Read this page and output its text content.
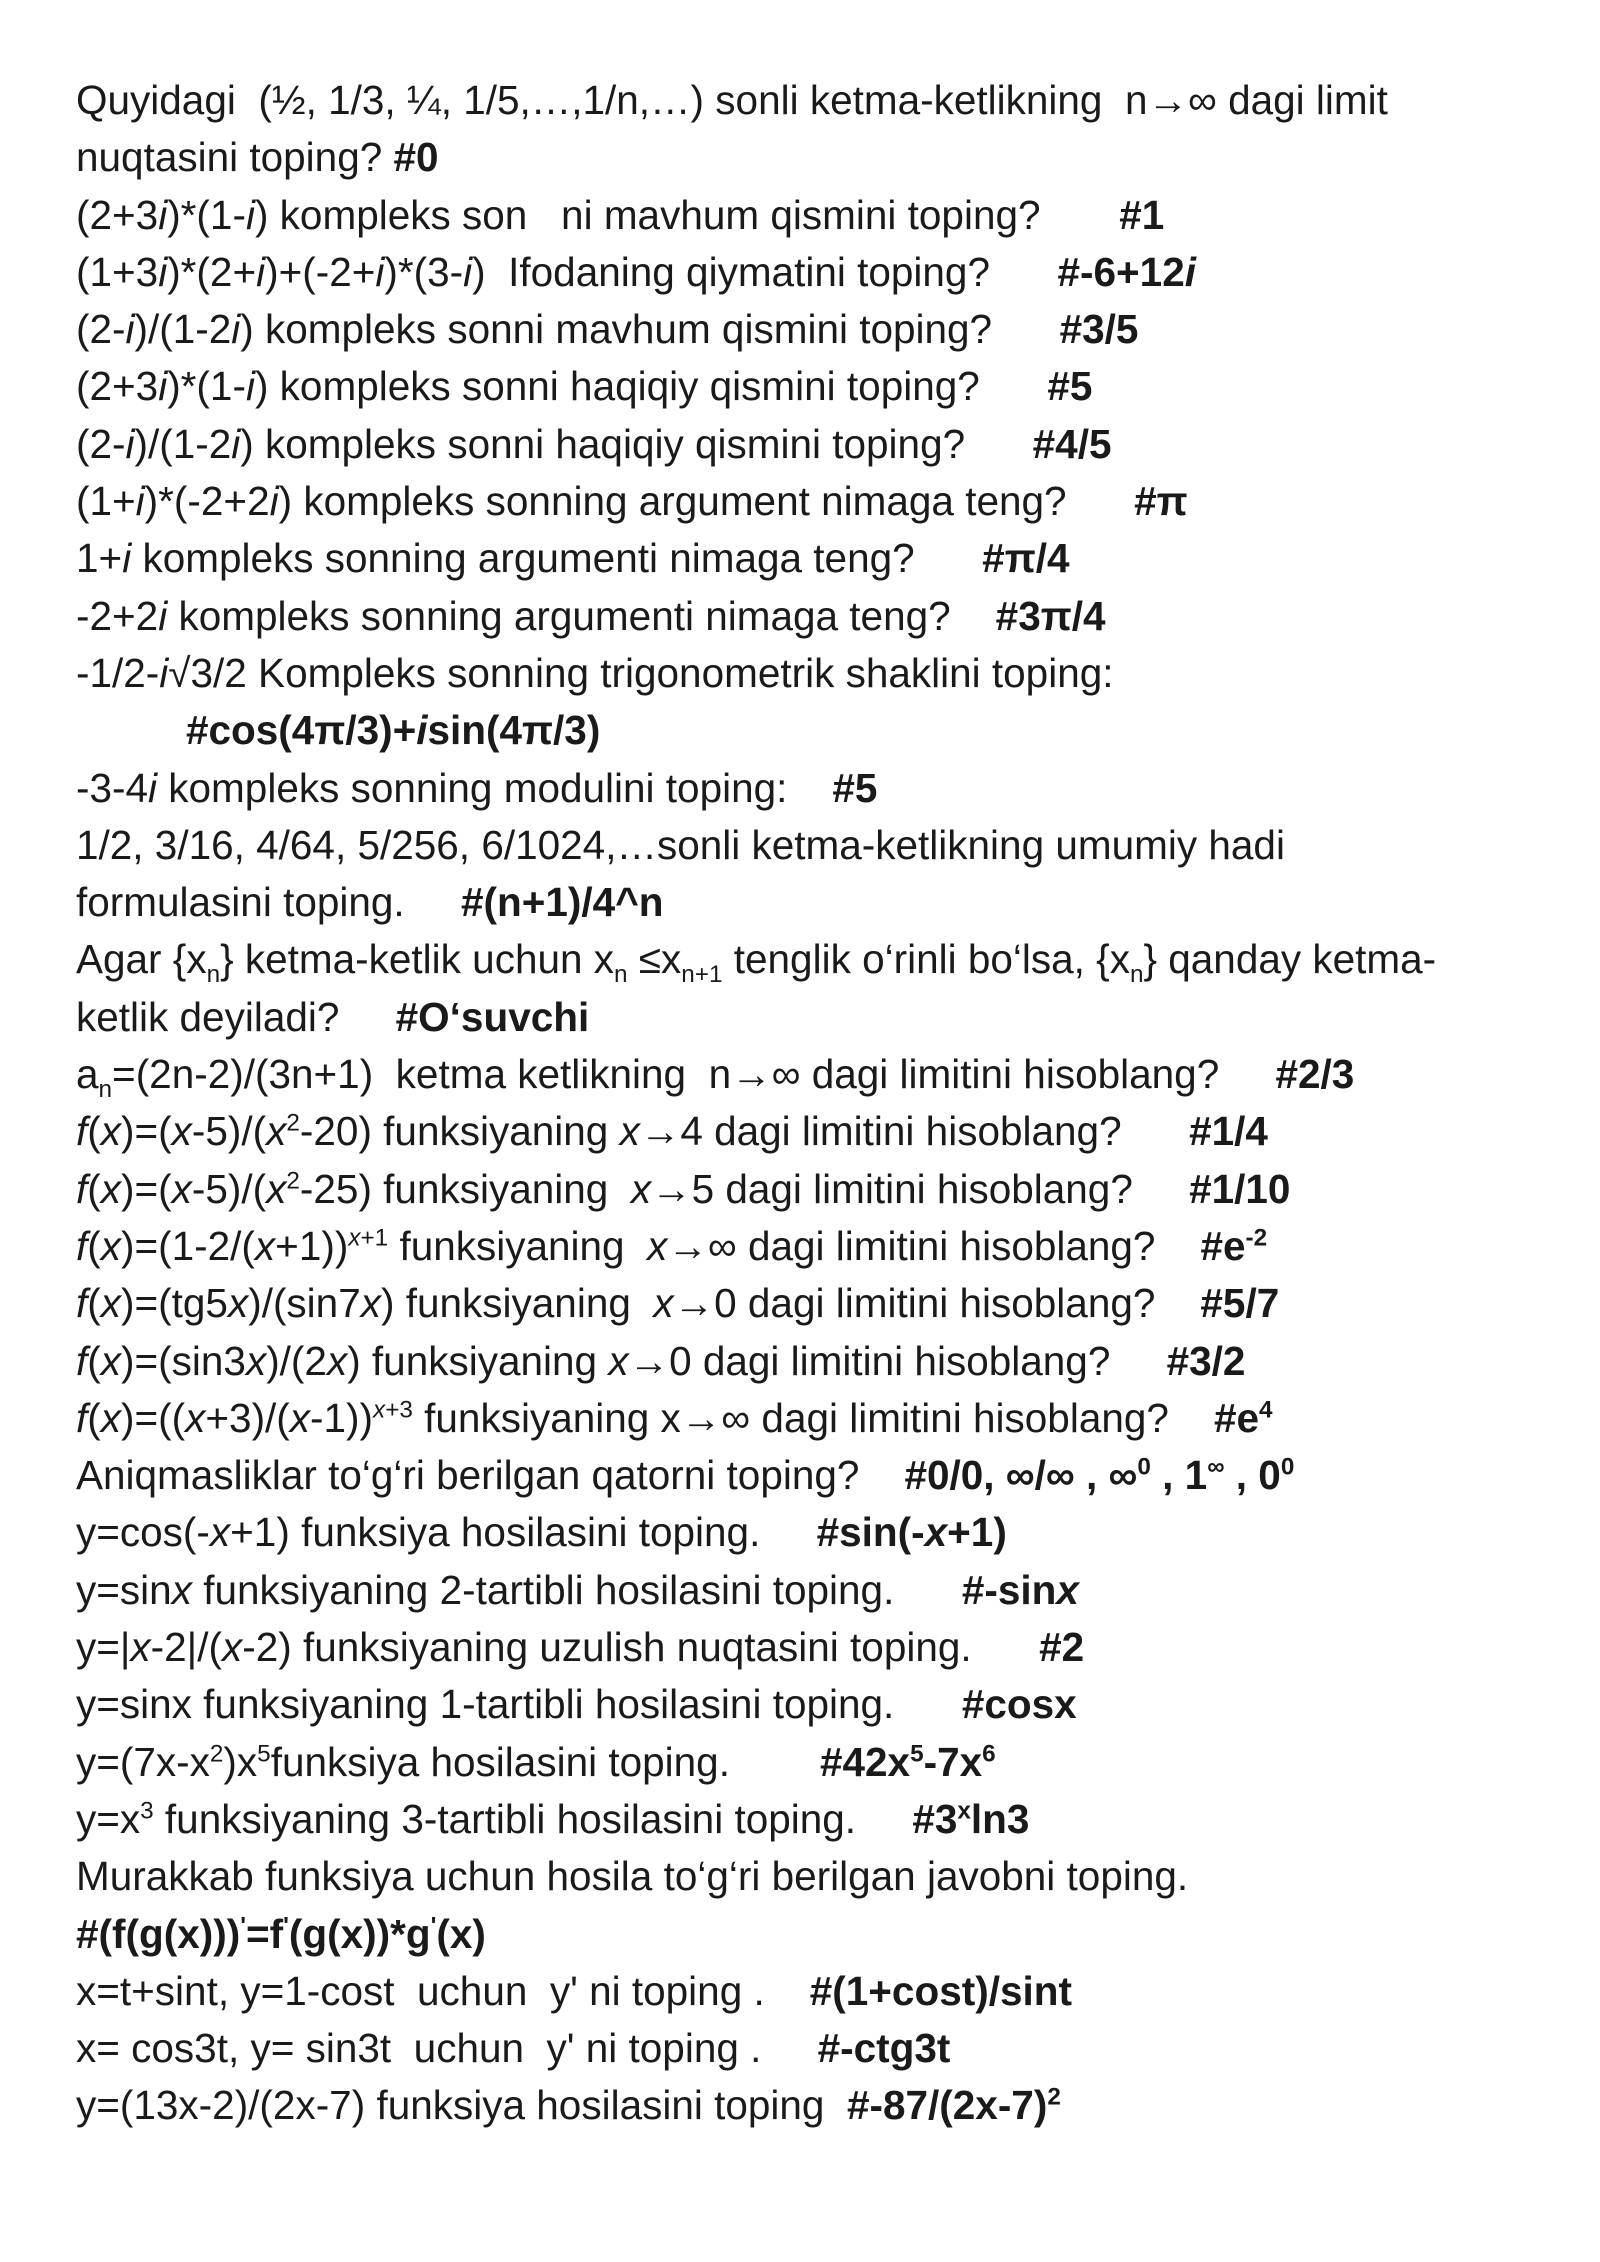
Quyidagi  (½, 1/3, ¼, 1/5,…,1/n,…) sonli ketma-ketlikning  n→∞ dagi limit
nuqtasini toping? #0
(2+3i)*(1-i) kompleks son   ni mavhum qismini toping?       #1
(1+3i)*(2+i)+(-2+i)*(3-i)  Ifodaning qiymatini toping?      #-6+12i
(2-i)/(1-2i) kompleks sonni mavhum qismini toping?      #3/5
(2+3i)*(1-i) kompleks sonni haqiqiy qismini toping?      #5
(2-i)/(1-2i) kompleks sonni haqiqiy qismini toping?      #4/5
(1+i)*(-2+2i) kompleks sonning argument nimaga teng?      #π
1+i kompleks sonning argumenti nimaga teng?      #π/4
-2+2i kompleks sonning argumenti nimaga teng?    #3π/4
-1/2-i√3/2 Kompleks sonning trigonometrik shaklini toping:
#cos(4π/3)+isin(4π/3)
-3-4i kompleks sonning modulini toping:    #5
1/2, 3/16, 4/64, 5/256, 6/1024,…sonli ketma-ketlikning umumiy hadi
formulasini toping.     #(n+1)/4^n
Agar $\{x_n\}$ ketma-ketlik uchun $x_n \le x_{n+1}$ tenglik o‘rinli bo‘lsa, $\{x_n\}$ qanday ketma-
ketlik deyiladi?     #O‘suvchi
$a_n=(2n-2)/(3n+1)$  ketma ketlikning  n→∞ dagi limitini hisoblang?     #2/3
$f(x)=(x-5)/(x^2-20)$ funksiyaning x→4 dagi limitini hisoblang?      #1/4
$f(x)=(x-5)/(x^2-25)$ funksiyaning  x→5 dagi limitini hisoblang?     #1/10
$f(x)=(1-2/(x+1))^{x+1}$ funksiyaning  x→∞ dagi limitini hisoblang?    $\#e^{-2}$
f(x)=(tg5x)/(sin7x) funksiyaning  x→0 dagi limitini hisoblang?    #5/7
f(x)=(sin3x)/(2x) funksiyaning x→0 dagi limitini hisoblang?     #3/2
$f(x)=((x+3)/(x-1))^{x+3}$ funksiyaning x→∞ dagi limitini hisoblang?    $\#e^4$
Aniqmasliklar to‘g‘ri berilgan qatorni toping?    #0/0, ∞/∞ , ∞$^0$ , 1∞ , $0^0$
y=cos(-x+1) funksiya hosilasini toping.     #sin(-x+1)
y=sinx funksiyaning 2-tartibli hosilasini toping.      #-sinx
y=|x-2|/(x-2) funksiyaning uzulish nuqtasini toping.      #2
y=sinx funksiyaning 1-tartibli hosilasini toping.      #cosx
$y=(7x-x^2)x^5funksiya$ hosilasini toping.        $\#42x^5-7x^6$
$y=x^3$ funksiyaning 3-tartibli hosilasini toping.     #3$^x$ln3
Murakkab funksiya uchun hosila to‘g‘ri berilgan javobni toping.
#(f(g(x)))'=f'(g(x))*g'(x)
x=t+sint, y=1-cost  uchun  y' ni toping .    #(1+cost)/sint
x= cos3t, y= sin3t  uchun  y' ni toping .     #-ctg3t
y=(13x-2)/(2x-7) funksiya hosilasini toping  $\#-87/(2x-7)^2$
